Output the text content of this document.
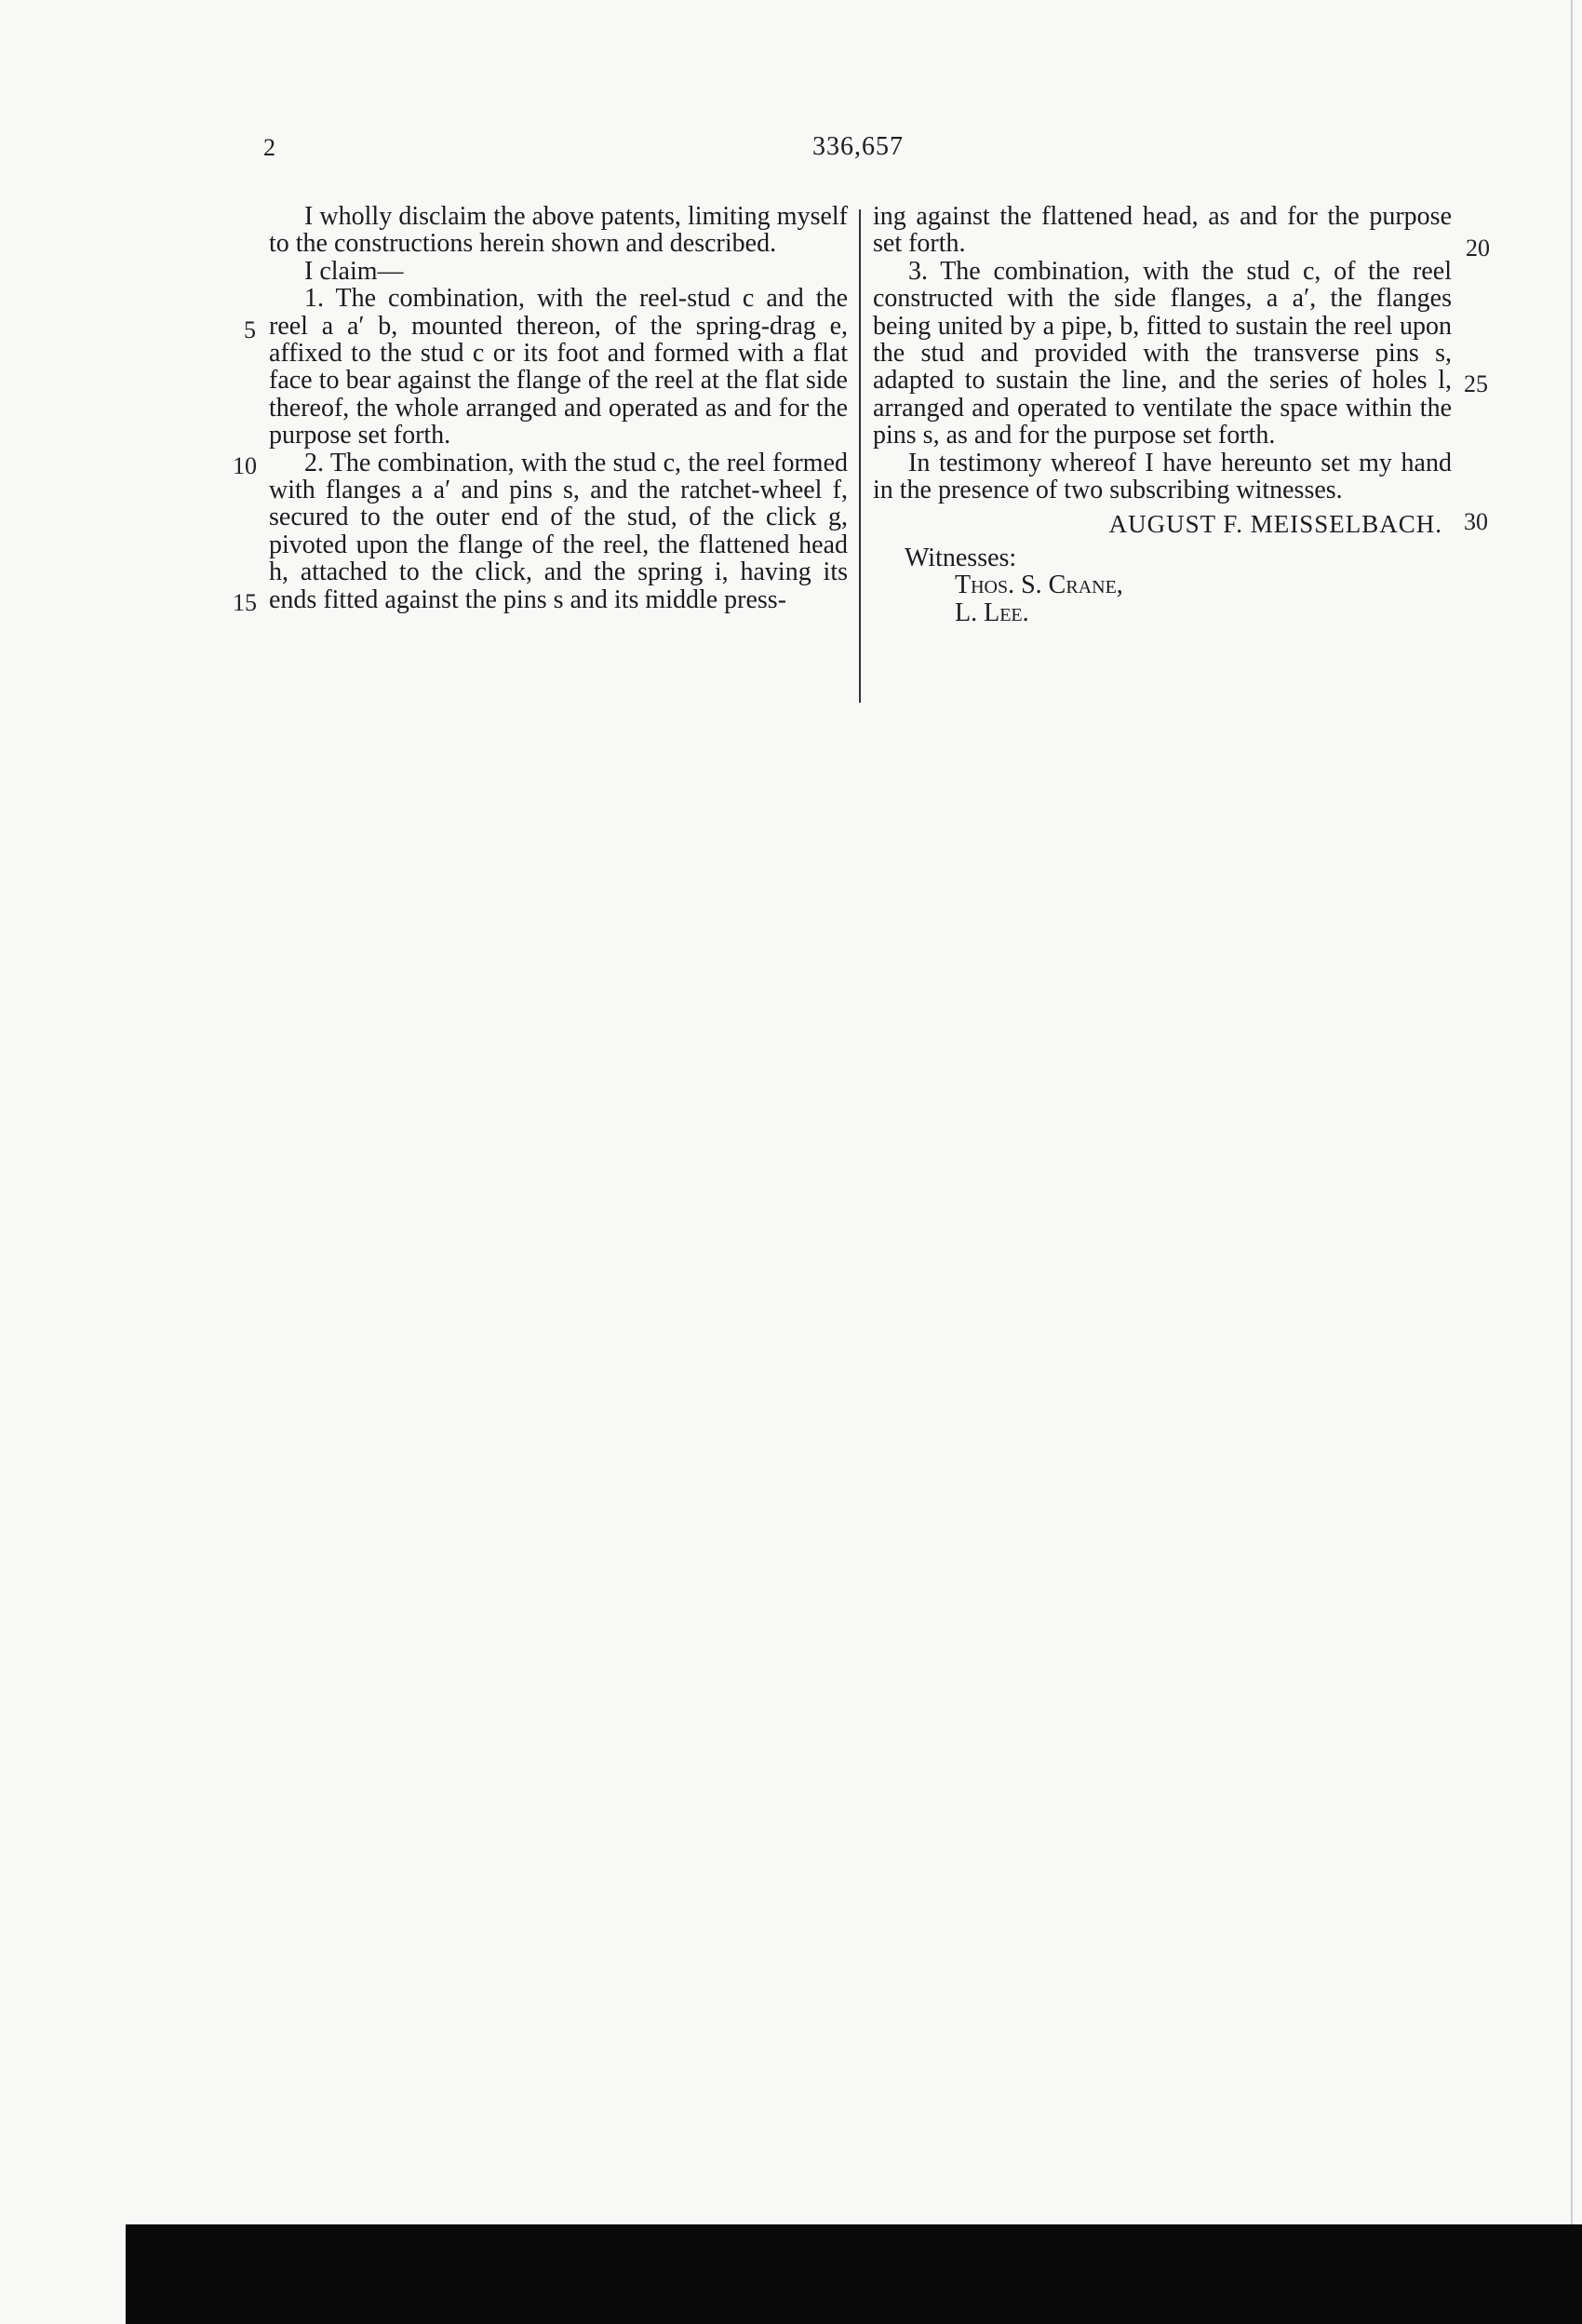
2	336,657

I wholly disclaim the above patents, limiting myself to the constructions herein shown and described.

I claim—

1. The combination, with the reel-stud c and the reel a a′ b, mounted thereon, of the spring-drag e, affixed to the stud c or its foot and formed with a flat face to bear against the flange of the reel at the flat side thereof, the whole arranged and operated as and for the purpose set forth.

2. The combination, with the stud c, the reel formed with flanges a a′ and pins s, and the ratchet-wheel f, secured to the outer end of the stud, of the click g, pivoted upon the flange of the reel, the flattened head h, attached to the click, and the spring i, having its ends fitted against the pins s and its middle press-

ing against the flattened head, as and for the purpose set forth.

3. The combination, with the stud c, of the reel constructed with the side flanges, a a′, the flanges being united by a pipe, b, fitted to sustain the reel upon the stud and provided with the transverse pins s, adapted to sustain the line, and the series of holes l, arranged and operated to ventilate the space within the pins s, as and for the purpose set forth.

In testimony whereof I have hereunto set my hand in the presence of two subscribing witnesses.

AUGUST F. MEISSELBACH.

Witnesses:

Thos. S. Crane,

L. Lee.

5
10
15
20
25
30
